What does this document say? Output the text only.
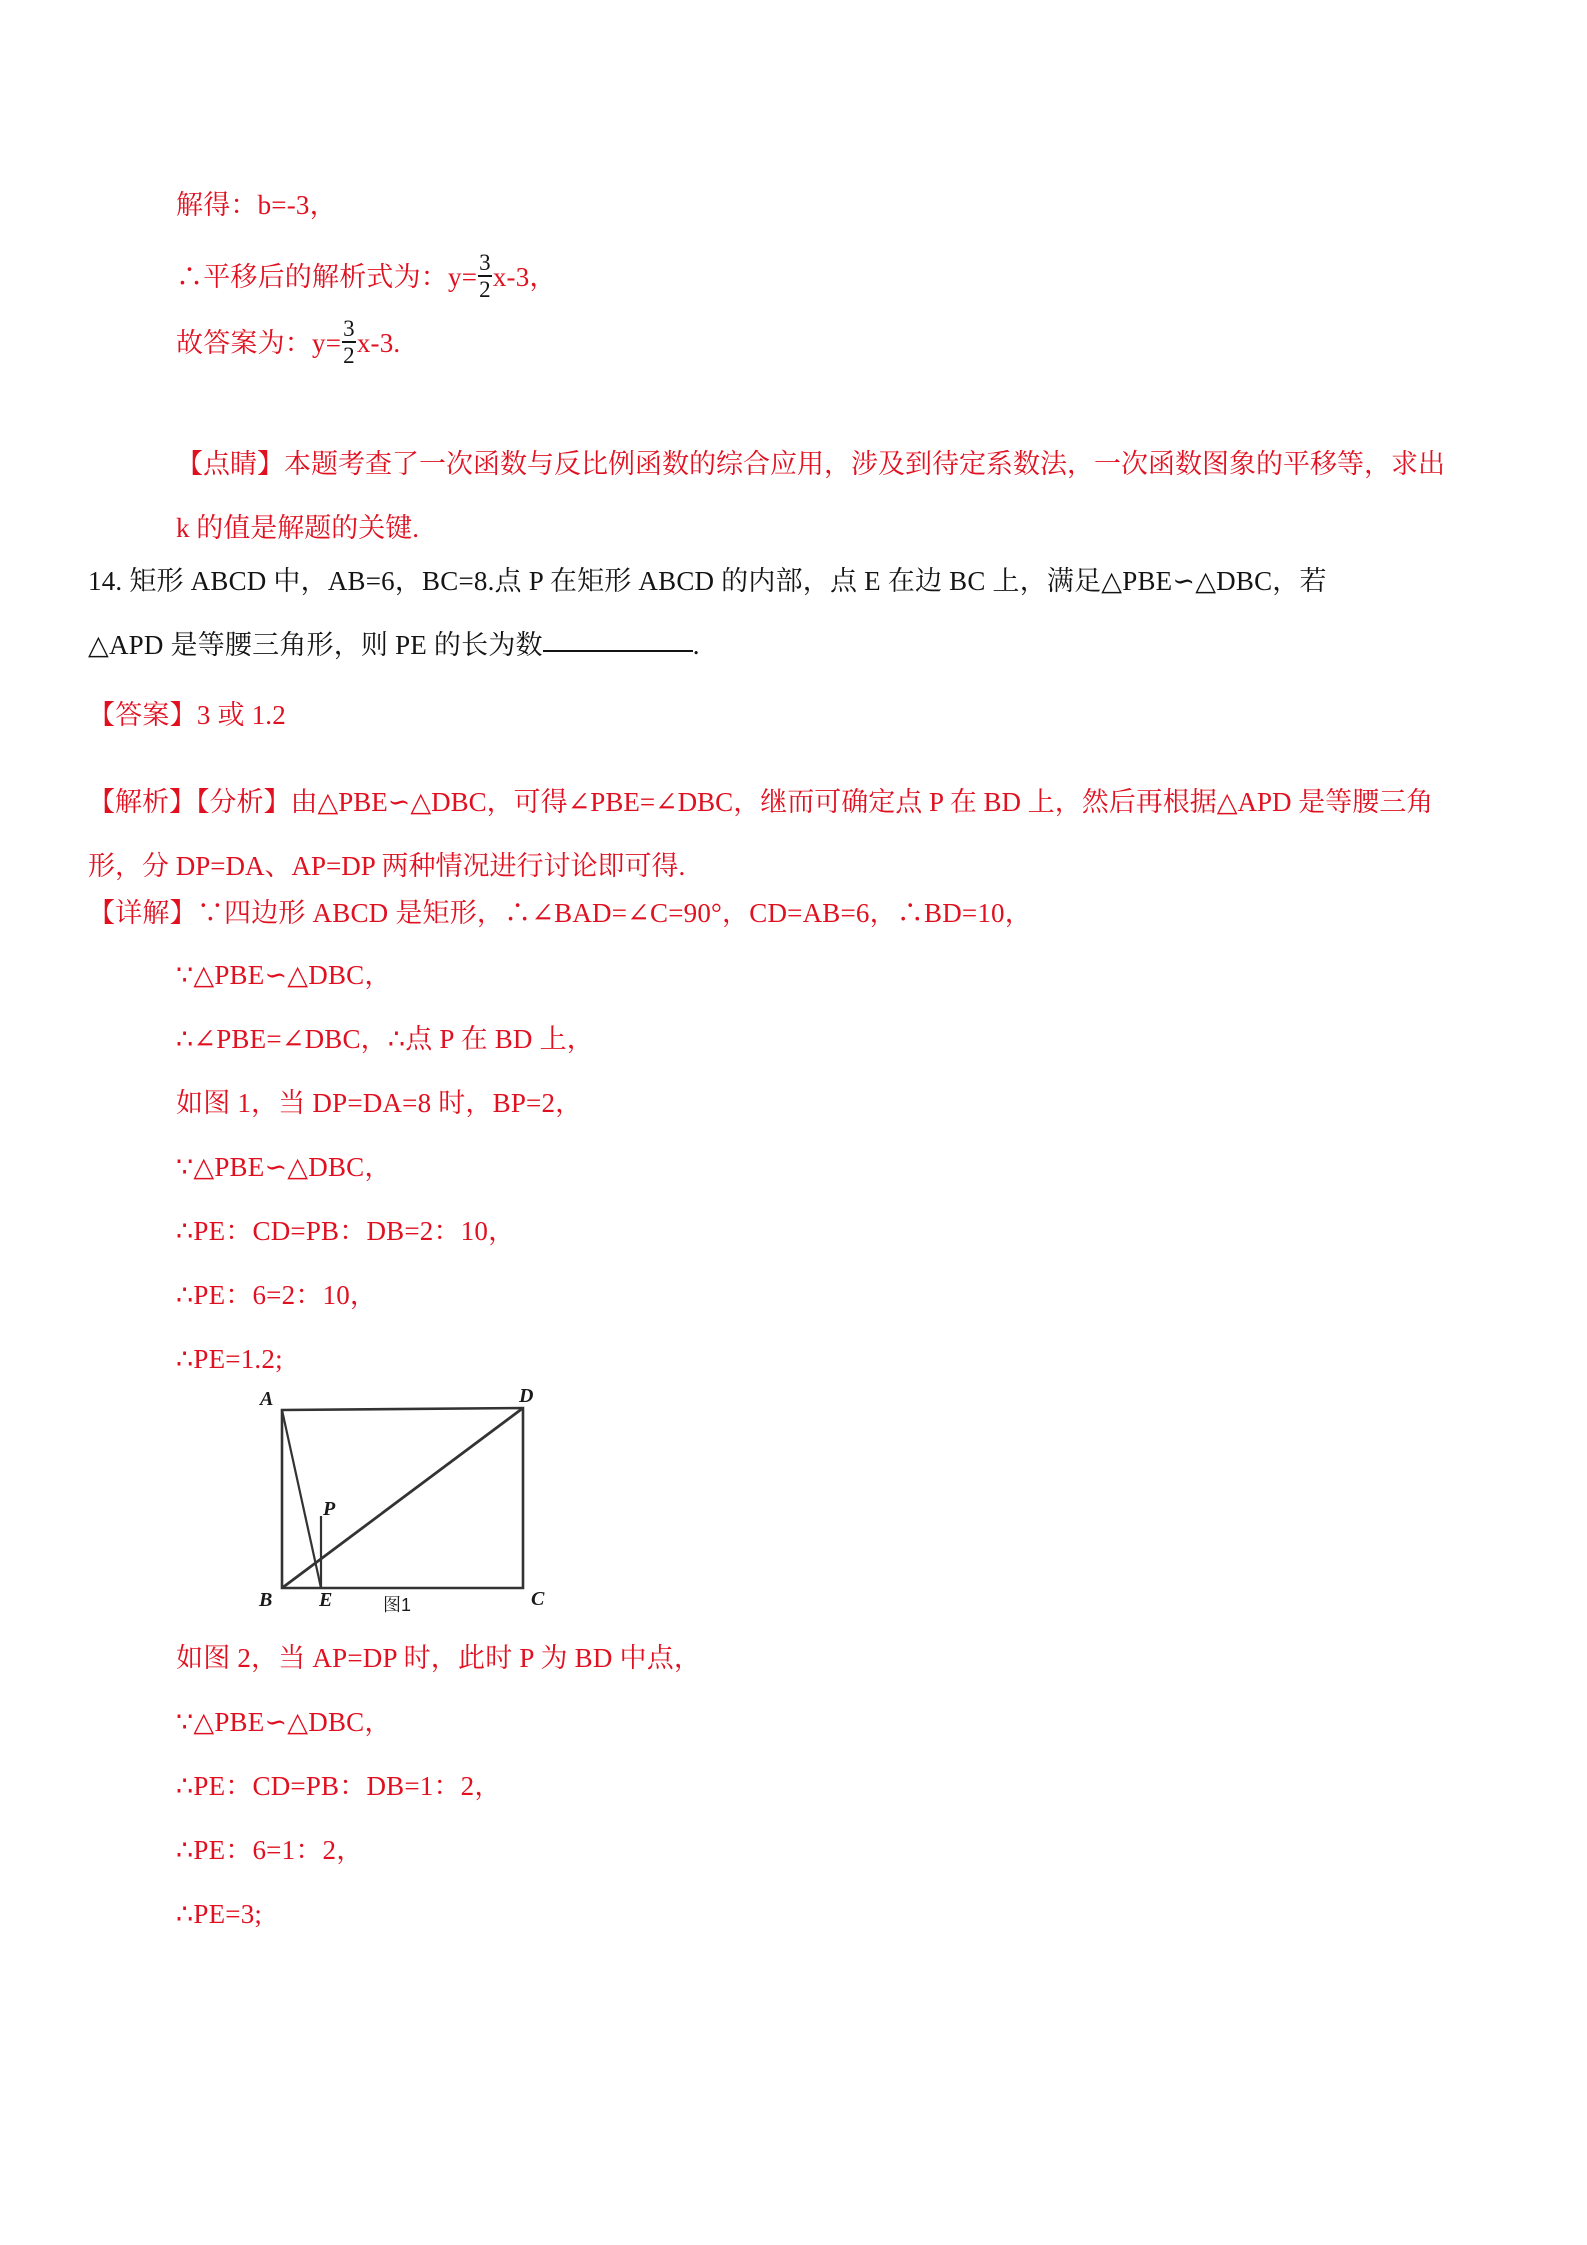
解得：b=-3，
∴平移后的解析式为：$y= \frac{3}{2} x-3$，
故答案为：$y= \frac{3}{2} x-3$.
【点睛】本题考查了一次函数与反比例函数的综合应用，涉及到待定系数法，一次函数图象的平移等，求出 k 的值是解题的关键.
14. 矩形 ABCD 中，AB=6，BC=8.点 P 在矩形 ABCD 的内部，点 E 在边 BC 上，满足△PBE∽△DBC，若
△APD 是等腰三角形，则 PE 的长为数	.
【答案】3 或 1.2
【解析】【分析】由△PBE∽△DBC，可得∠PBE=∠DBC，继而可确定点 P 在 BD 上，然后再根据△APD 是等腰三角形，分 DP=DA、AP=DP 两种情况进行讨论即可得.
【详解】∵四边形 ABCD 是矩形，∴∠BAD=∠C=90°，CD=AB=6，∴BD=10，
∵△PBE∽△DBC，
∴∠PBE=∠DBC，∴点 P 在 BD 上，
如图 1，当 DP=DA=8 时，BP=2，
∵△PBE∽△DBC，
∴PE：CD=PB：DB=2：10，
∴PE：6=2：10，
∴PE=1.2;
A	D
B	C
E
P
图1
如图 2，当 AP=DP 时，此时 P 为 BD 中点，
∵△PBE∽△DBC，
∴PE：CD=PB：DB=1：2，
∴PE：6=1：2，
∴PE=3;
